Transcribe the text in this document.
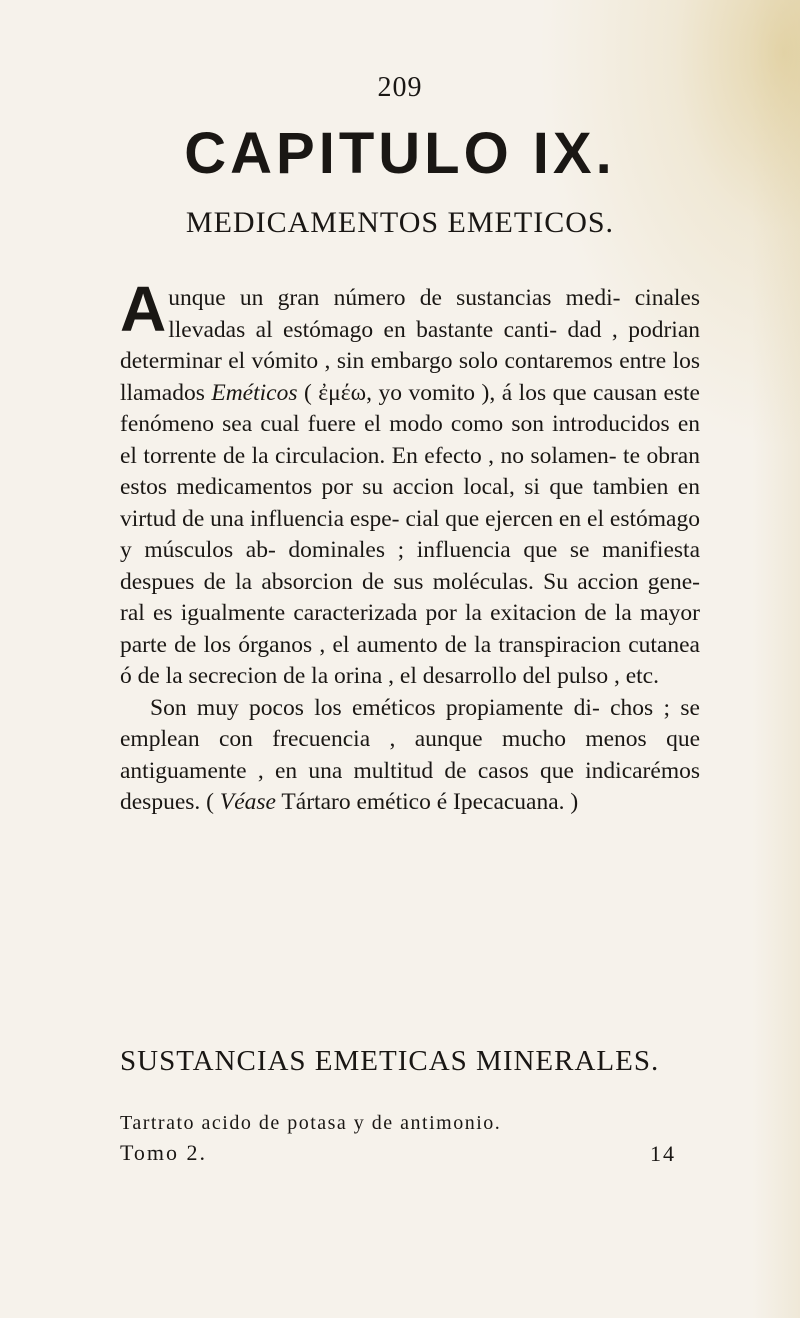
209
CAPITULO IX.
MEDICAMENTOS EMETICOS.

Aunque un gran número de sustancias medi- cinales llevadas al estómago en bastante canti- dad , podrian determinar el vómito , sin embargo solo contaremos entre los llamados Eméticos ( ἐμέω, yo vomito ), á los que causan este fenómeno sea cual fuere el modo como son introducidos en el torrente de la circulacion. En efecto , no solamen- te obran estos medicamentos por su accion local, si que tambien en virtud de una influencia espe- cial que ejercen en el estómago y músculos ab- dominales ; influencia que se manifiesta despues de la absorcion de sus moléculas. Su accion gene- ral es igualmente caracterizada por la exitacion de la mayor parte de los órganos , el aumento de la transpiracion cutanea ó de la secrecion de la orina , el desarrollo del pulso , etc.

Son muy pocos los eméticos propiamente di- chos ; se emplean con frecuencia , aunque mucho menos que antiguamente , en una multitud de casos que indicarémos despues. ( Véase Tártaro emético é Ipecacuana. )

SUSTANCIAS EMETICAS MINERALES.
Tartrato acido de potasa y de antimonio.
Tomo 2.	14
